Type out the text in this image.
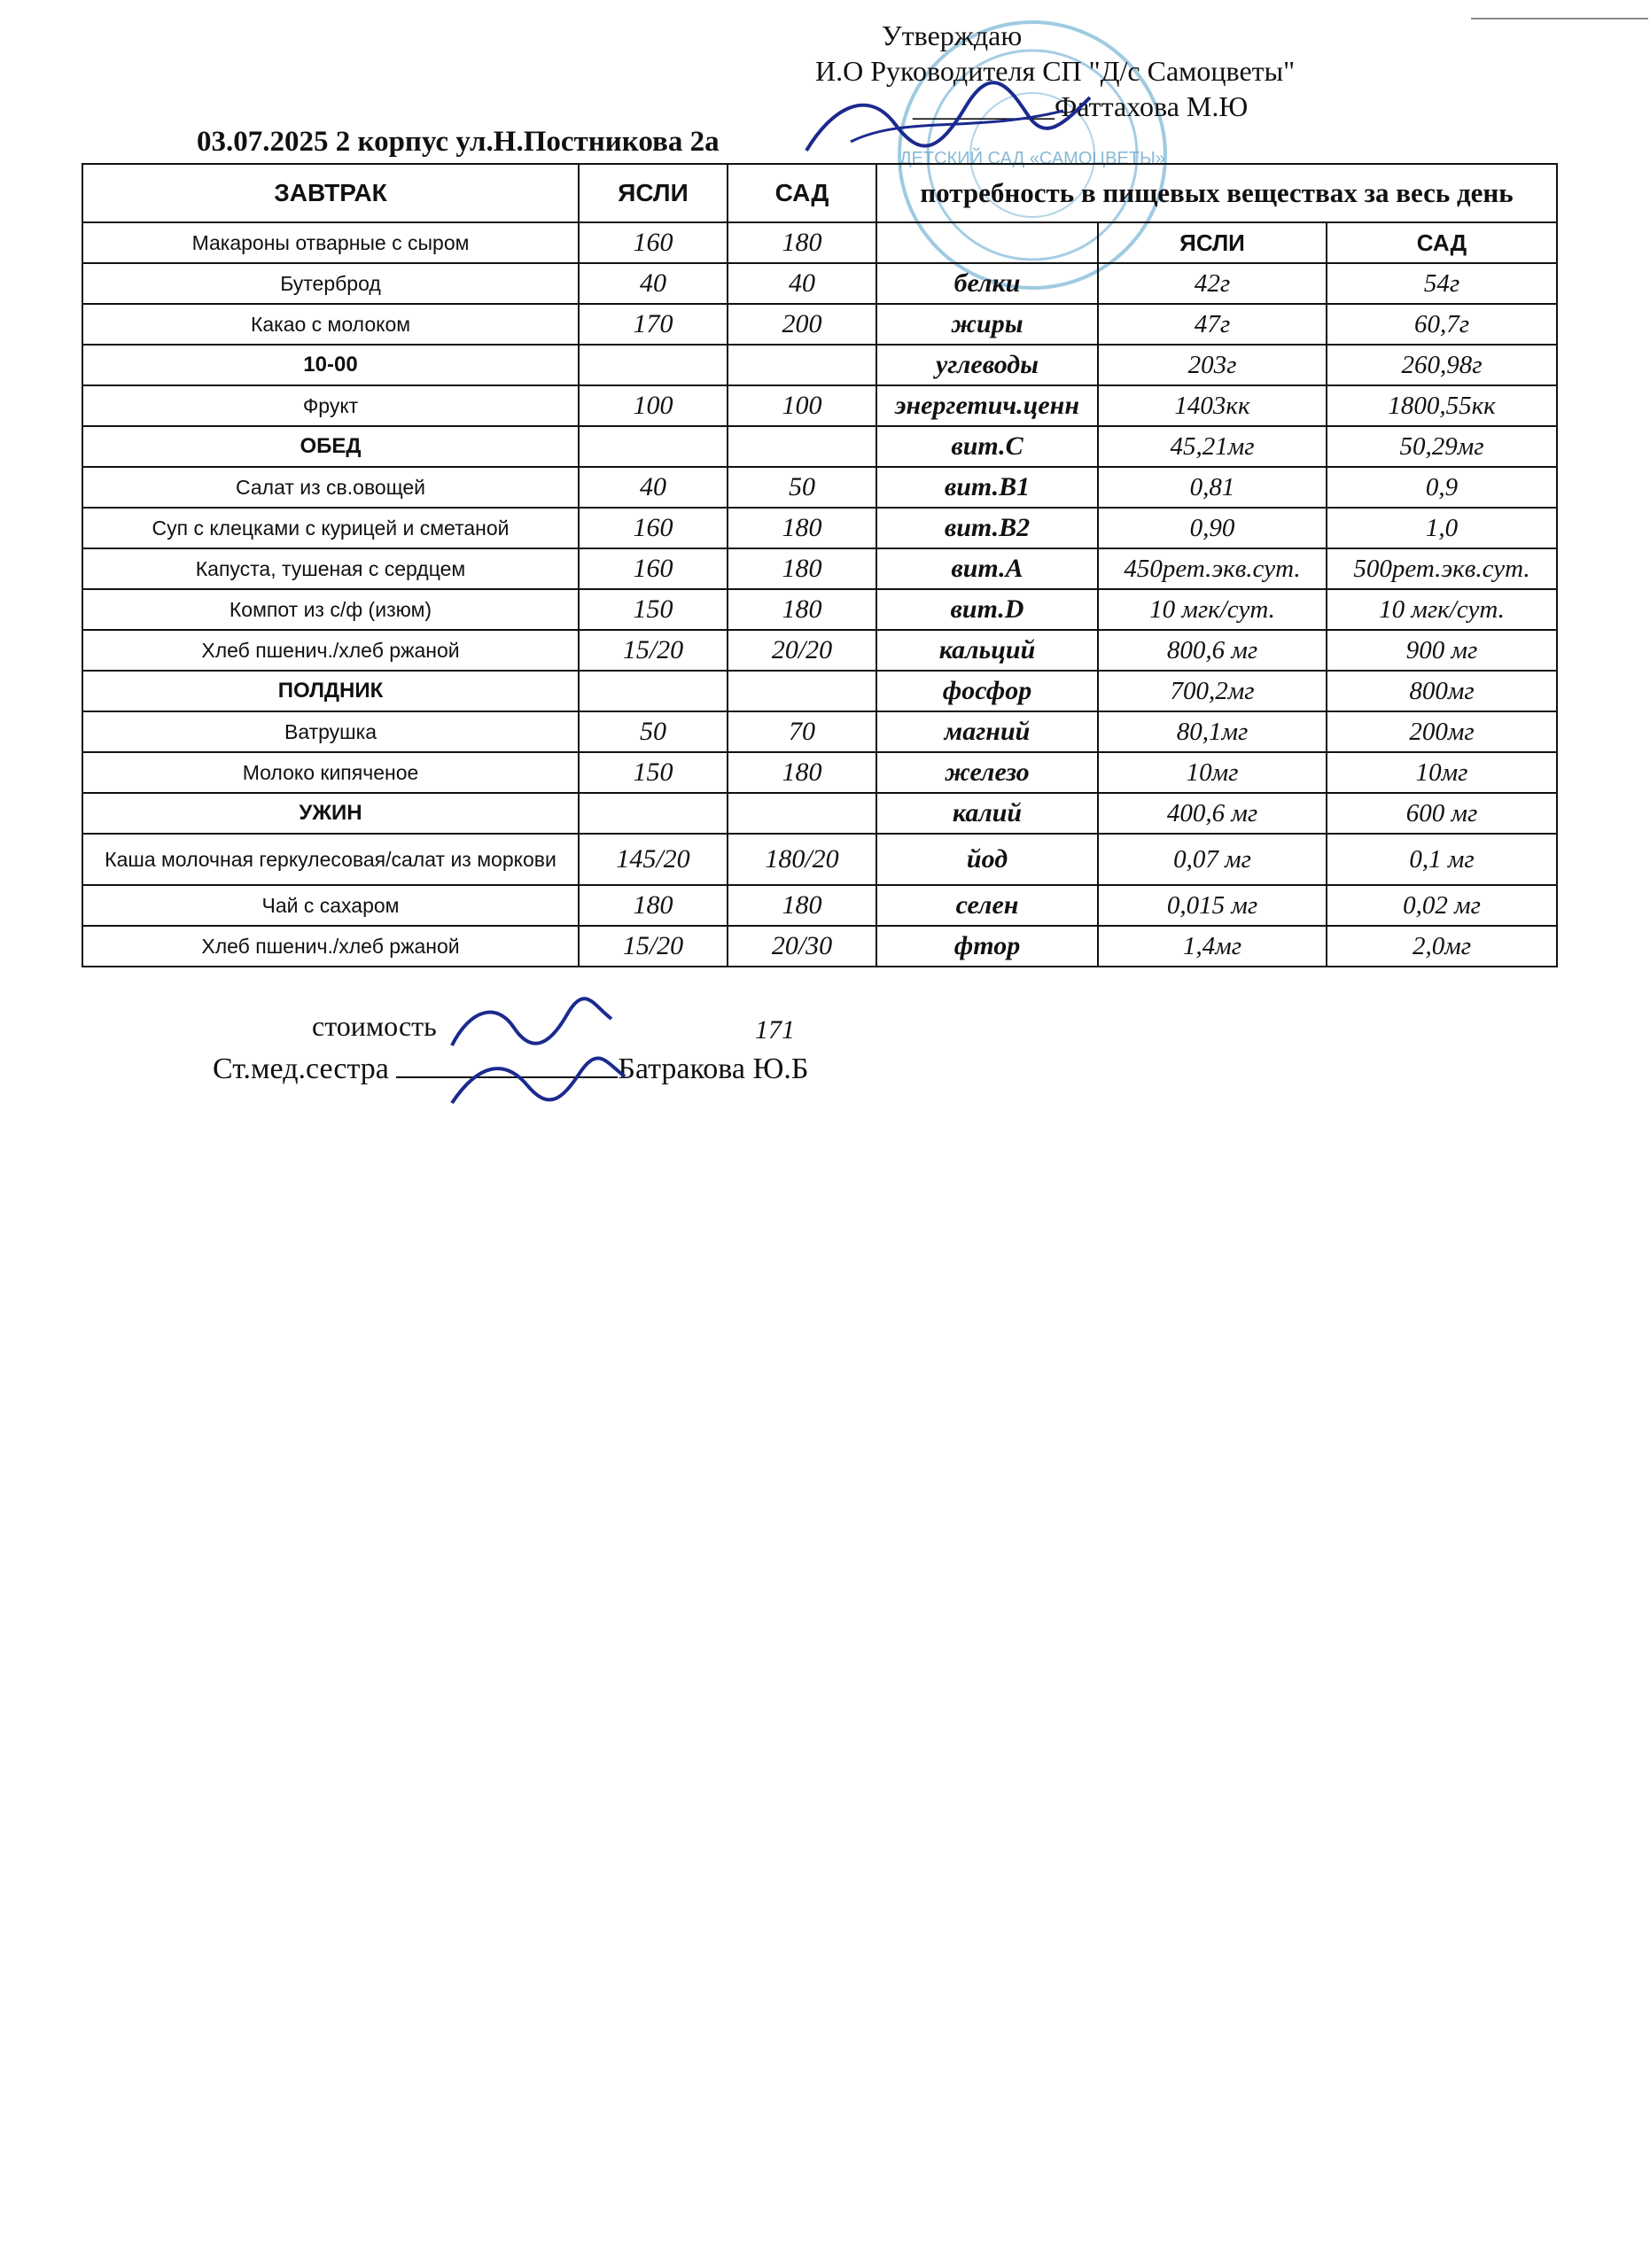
ДЕТСКИЙ САД «САМОЦВЕТЫ»
Утверждаю
И.О Руководителя СП "Д/с Самоцветы"
__________Фаттахова М.Ю
03.07.2025 2 корпус ул.Н.Постникова 2а
ЗАВТРАК	ЯСЛИ	САД	потребность в пищевых веществах за весь день		
Макароны отварные с сыром	160	180		ЯСЛИ	САД
Бутерброд	40	40	белки	42г	54г
Какао с молоком	170	200	жиры	47г	60,7г
10-00			углеводы	203г	260,98г
Фрукт	100	100	энергетич.ценн	1403кк	1800,55кк
ОБЕД			вит.С	45,21мг	50,29мг
Салат из св.овощей	40	50	вит.В1	0,81	0,9
Суп с клецками с курицей и сметаной	160	180	вит.В2	0,90	1,0
Капуста, тушеная с сердцем	160	180	вит.А	450рет.экв.сут.	500рет.экв.сут.
Компот из с/ф (изюм)	150	180	вит.D	10 мгк/сут.	10 мгк/сут.
Хлеб пшенич./хлеб ржаной	15/20	20/20	кальций	800,6 мг	900 мг
ПОЛДНИК			фосфор	700,2мг	800мг
Ватрушка	50	70	магний	80,1мг	200мг
Молоко кипяченое	150	180	железо	10мг	10мг
УЖИН			калий	400,6 мг	600 мг
Каша молочная геркулесовая/салат из моркови	145/20	180/20	йод	0,07 мг	0,1 мг
Чай с сахаром	180	180	селен	0,015 мг	0,02 мг
Хлеб пшенич./хлеб ржаной	15/20	20/30	фтор	1,4мг	2,0мг
стоимость	171
Ст.мед.сестра	Батракова Ю.Б
